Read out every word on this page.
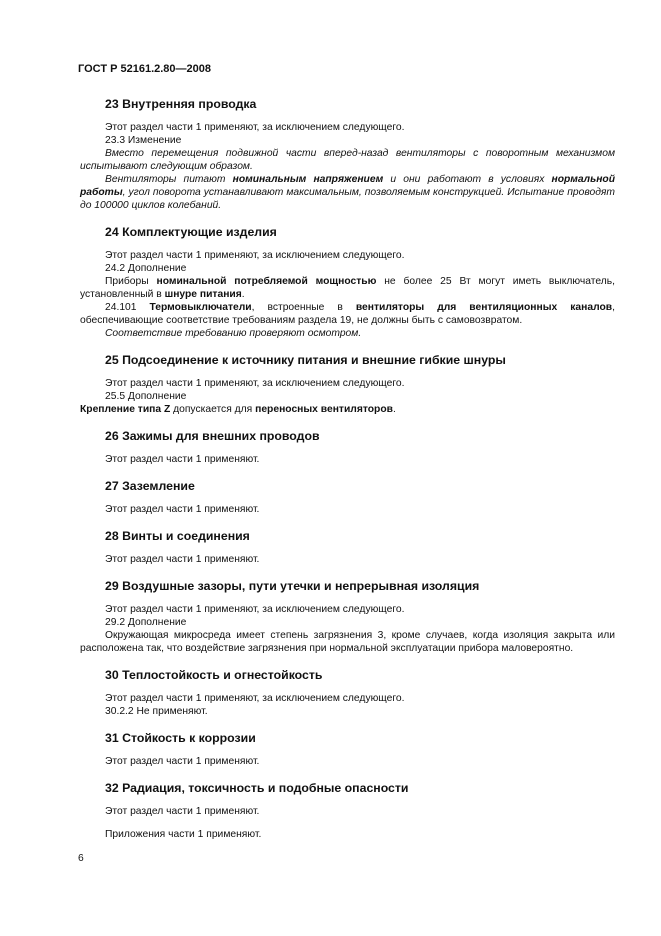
ГОСТ Р 52161.2.80—2008
23 Внутренняя проводка

Этот раздел части 1 применяют, за исключением следующего.

23.3 Изменение

Вместо перемещения подвижной части вперед-назад вентиляторы с поворотным механизмом испытывают следующим образом.

Вентиляторы питают номинальным напряжением и они работают в условиях нормальной работы, угол поворота устанавливают максимальным, позволяемым конструкцией. Испытание проводят до 100000 циклов колебаний.

24 Комплектующие изделия

Этот раздел части 1 применяют, за исключением следующего.

24.2 Дополнение

Приборы номинальной потребляемой мощностью не более 25 Вт могут иметь выключатель, установленный в шнуре питания.

24.101 Термовыключатели, встроенные в вентиляторы для вентиляционных каналов, обеспечивающие соответствие требованиям раздела 19, не должны быть с самовозвратом.

Соответствие требованию проверяют осмотром.

25 Подсоединение к источнику питания и внешние гибкие шнуры

Этот раздел части 1 применяют, за исключением следующего.

25.5 Дополнение

Крепление типа Z допускается для переносных вентиляторов.

26 Зажимы для внешних проводов

Этот раздел части 1 применяют.

27 Заземление

Этот раздел части 1 применяют.

28 Винты и соединения

Этот раздел части 1 применяют.

29 Воздушные зазоры, пути утечки и непрерывная изоляция

Этот раздел части 1 применяют, за исключением следующего.

29.2 Дополнение

Окружающая микросреда имеет степень загрязнения 3, кроме случаев, когда изоляция закрыта или расположена так, что воздействие загрязнения при нормальной эксплуатации прибора маловероятно.

30 Теплостойкость и огнестойкость

Этот раздел части 1 применяют, за исключением следующего.

30.2.2 Не применяют.

31 Стойкость к коррозии

Этот раздел части 1 применяют.

32 Радиация, токсичность и подобные опасности

Этот раздел части 1 применяют.

Приложения части 1 применяют.
6
